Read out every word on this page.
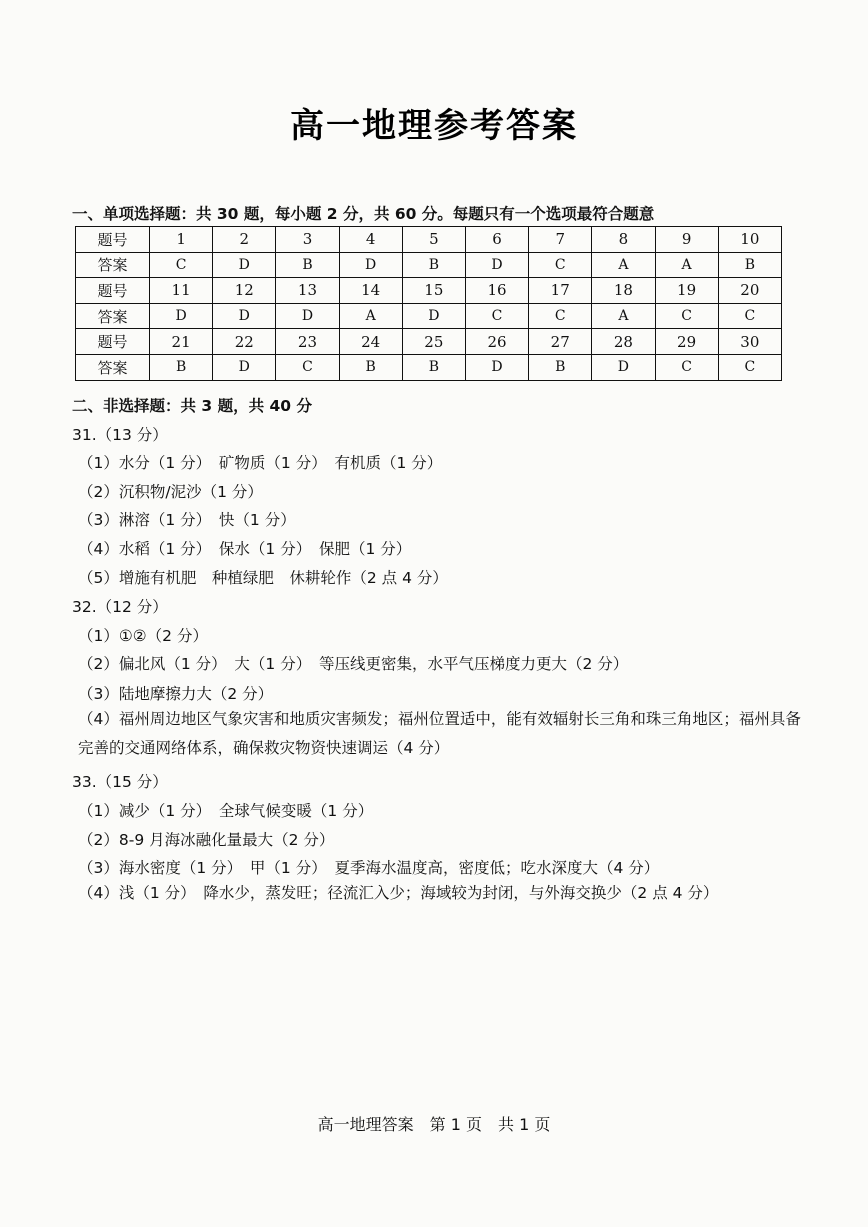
高一地理参考答案
一、单项选择题：共 30 题，每小题 2 分，共 60 分。每题只有一个选项最符合题意
题号	1	2	3	4	5	6	7	8	9	10
答案	C	D	B	D	B	D	C	A	A	B
题号	11	12	13	14	15	16	17	18	19	20
答案	D	D	D	A	D	C	C	A	C	C
题号	21	22	23	24	25	26	27	28	29	30
答案	B	D	C	B	B	D	B	D	C	C
二、非选择题：共 3 题，共 40 分
31.（13 分）
（1）水分（1 分）　矿物质（1 分）　有机质（1 分）
（2）沉积物/泥沙（1 分）
（3）淋溶（1 分）　快（1 分）
（4）水稻（1 分）　保水（1 分）　保肥（1 分）
（5）增施有机肥　种植绿肥　休耕轮作（2 点 4 分）
32.（12 分）
（1）①②（2 分）
（2）偏北风（1 分）　大（1 分）　等压线更密集，水平气压梯度力更大（2 分）
（3）陆地摩擦力大（2 分）
（4）福州周边地区气象灾害和地质灾害频发；福州位置适中，能有效辐射长三角和珠三角地区；福州具备完善的交通网络体系，确保救灾物资快速调运（4 分）
33.（15 分）
（1）减少（1 分）　全球气候变暖（1 分）
（2）8-9 月海冰融化量最大（2 分）
（3）海水密度（1 分）　甲（1 分）　夏季海水温度高，密度低；吃水深度大（4 分）
（4）浅（1 分）　降水少，蒸发旺；径流汇入少；海域较为封闭，与外海交换少（2 点 4 分）
高一地理答案　第 1 页　共 1 页
